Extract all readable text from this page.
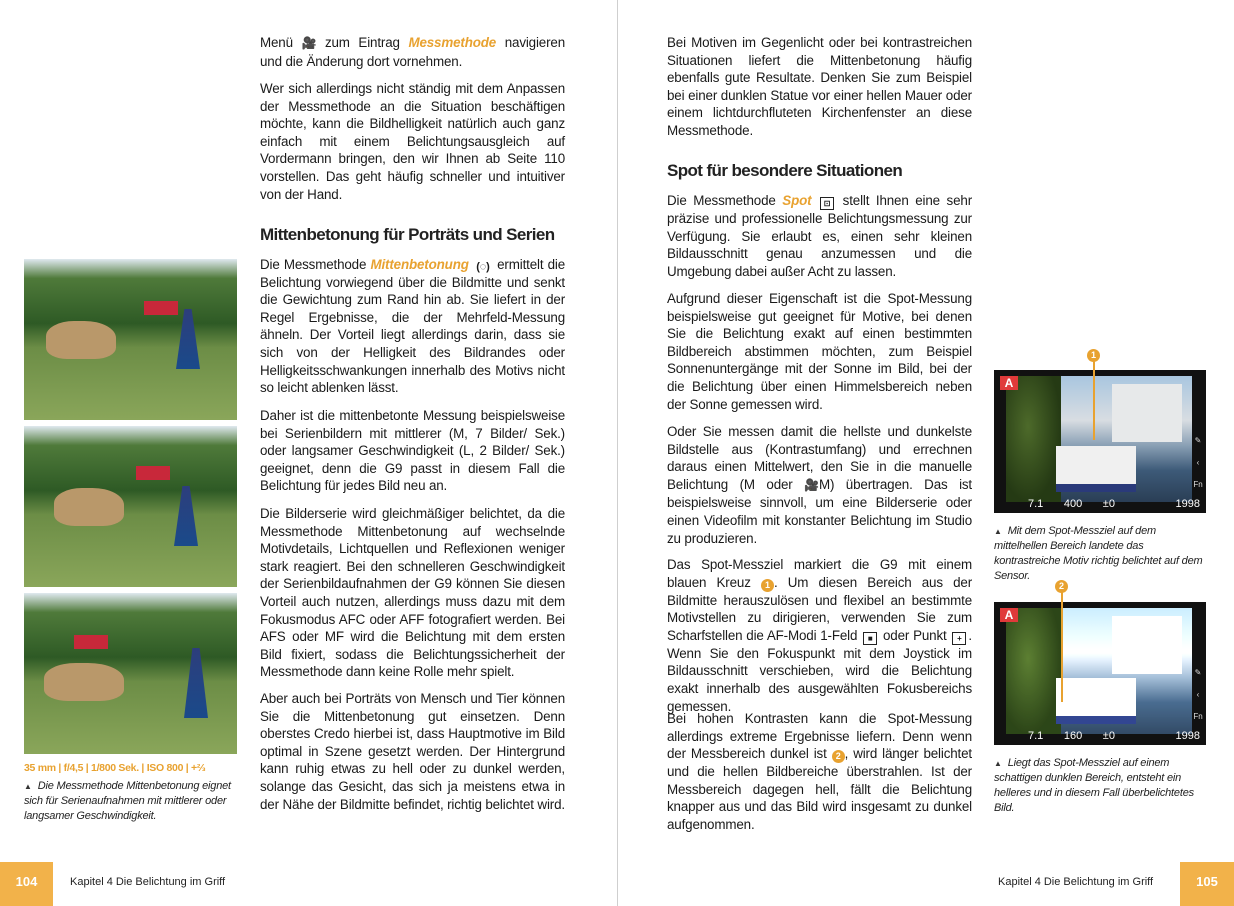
Menü 🎥 zum Eintrag Messmethode navigieren und die Änderung dort vornehmen.
Wer sich allerdings nicht ständig mit dem Anpassen der Messmethode an die Situation beschäftigen möchte, kann die Bildhelligkeit natürlich auch ganz einfach mit einem Belichtungsausgleich auf Vordermann bringen, den wir Ihnen ab Seite 110 vorstellen. Das geht häufig schneller und intuitiver von der Hand.
Mittenbetonung für Porträts und Serien
Die Messmethode Mittenbetonung (◌) ermittelt die Belichtung vorwiegend über die Bildmitte und senkt die Gewichtung zum Rand hin ab. Sie liefert in der Regel Ergebnisse, die der Mehrfeld-Messung ähneln. Der Vorteil liegt allerdings darin, dass sie sich von der Helligkeit des Bildrandes oder Helligkeitsschwankungen innerhalb des Motivs nicht so leicht ablenken lässt.
Daher ist die mittenbetonte Messung beispielsweise bei Serienbildern mit mittlerer (M, 7 Bilder/ Sek.) oder langsamer Geschwindigkeit (L, 2 Bilder/ Sek.) geeignet, denn die G9 passt in diesem Fall die Belichtung für jedes Bild neu an.
Die Bilderserie wird gleichmäßiger belichtet, da die Messmethode Mittenbetonung auf wechselnde Motivdetails, Lichtquellen und Reflexionen weniger stark reagiert. Bei den schnelleren Geschwindigkeit der Serienbildaufnahmen der G9 können Sie diesen Vorteil auch nutzen, allerdings muss dazu mit dem Fokusmodus AFC oder AFF fotografiert werden. Bei AFS oder MF wird die Belichtung mit dem ersten Bild fixiert, sodass die Belichtungssicherheit der Messmethode dann keine Rolle mehr spielt.
Aber auch bei Porträts von Mensch und Tier können Sie die Mittenbetonung gut einsetzen. Denn oberstes Credo hierbei ist, dass Hauptmotive im Bild optimal in Szene gesetzt werden. Der Hintergrund kann ruhig etwas zu hell oder zu dunkel werden, solange das Gesicht, das sich ja meistens etwa in der Nähe der Bildmitte befindet, richtig belichtet wird.
35 mm | f/4,5 | 1/800 Sek. | ISO 800 | +⅔
▲ Die Messmethode Mittenbetonung eignet sich für Serienaufnahmen mit mittlerer oder langsamer Geschwindigkeit.
104	Kapitel 4 Die Belichtung im Griff
Bei Motiven im Gegenlicht oder bei kontrastreichen Situationen liefert die Mittenbetonung häufig ebenfalls gute Resultate. Denken Sie zum Beispiel bei einer dunklen Statue vor einer hellen Mauer oder einem lichtdurchfluteten Kirchenfenster an diese Messmethode.
Spot für besondere Situationen
Die Messmethode Spot ⊡ stellt Ihnen eine sehr präzise und professionelle Belichtungsmessung zur Verfügung. Sie erlaubt es, einen sehr kleinen Bildausschnitt genau anzumessen und die Umgebung dabei außer Acht zu lassen.
Aufgrund dieser Eigenschaft ist die Spot-Messung beispielsweise gut geeignet für Motive, bei denen Sie die Belichtung exakt auf einen bestimmten Bildbereich abstimmen möchten, zum Beispiel Sonnenuntergänge mit der Sonne im Bild, bei der die Belichtung über einen Himmelsbereich neben der Sonne gemessen wird.
Oder Sie messen damit die hellste und dunkelste Bildstelle aus (Kontrastumfang) und errechnen daraus einen Mittelwert, den Sie in die manuelle Belichtung (M oder 🎥M) übertragen. Das ist beispielsweise sinnvoll, um eine Bilderserie oder einen Videofilm mit konstanter Belichtung im Studio zu produzieren.
Das Spot-Messziel markiert die G9 mit einem blauen Kreuz 1 . Um diesen Bereich aus der Bildmitte herauszulösen und flexibel an bestimmte Motivstellen zu dirigieren, verwenden Sie zum Scharfstellen die AF-Modi 1-Feld ■ oder Punkt + . Wenn Sie den Fokuspunkt mit dem Joystick im Bildausschnitt verschieben, wird die Belichtung exakt innerhalb des ausgewählten Fokusbereichs gemessen.
Bei hohen Kontrasten kann die Spot-Messung allerdings extreme Ergebnisse liefern. Denn wenn der Messbereich dunkel ist 2 , wird länger belichtet und die hellen Bildbereiche überstrahlen. Ist der Messbereich dagegen hell, fällt die Belichtung knapper aus und das Bild wird insgesamt zu dunkel aufgenommen.
A
✎
‹
Fn
7.1 400 ±0	1998
1
▲ Mit dem Spot-Messziel auf dem mittelhellen Bereich landete das kontrastreiche Motiv richtig belichtet auf dem Sensor.
A
✎
‹
Fn
7.1 160 ±0	1998
2
▲ Liegt das Spot-Messziel auf einem schattigen dunklen Bereich, entsteht ein helleres und in diesem Fall überbelichtetes Bild.
Kapitel 4 Die Belichtung im Griff	105
